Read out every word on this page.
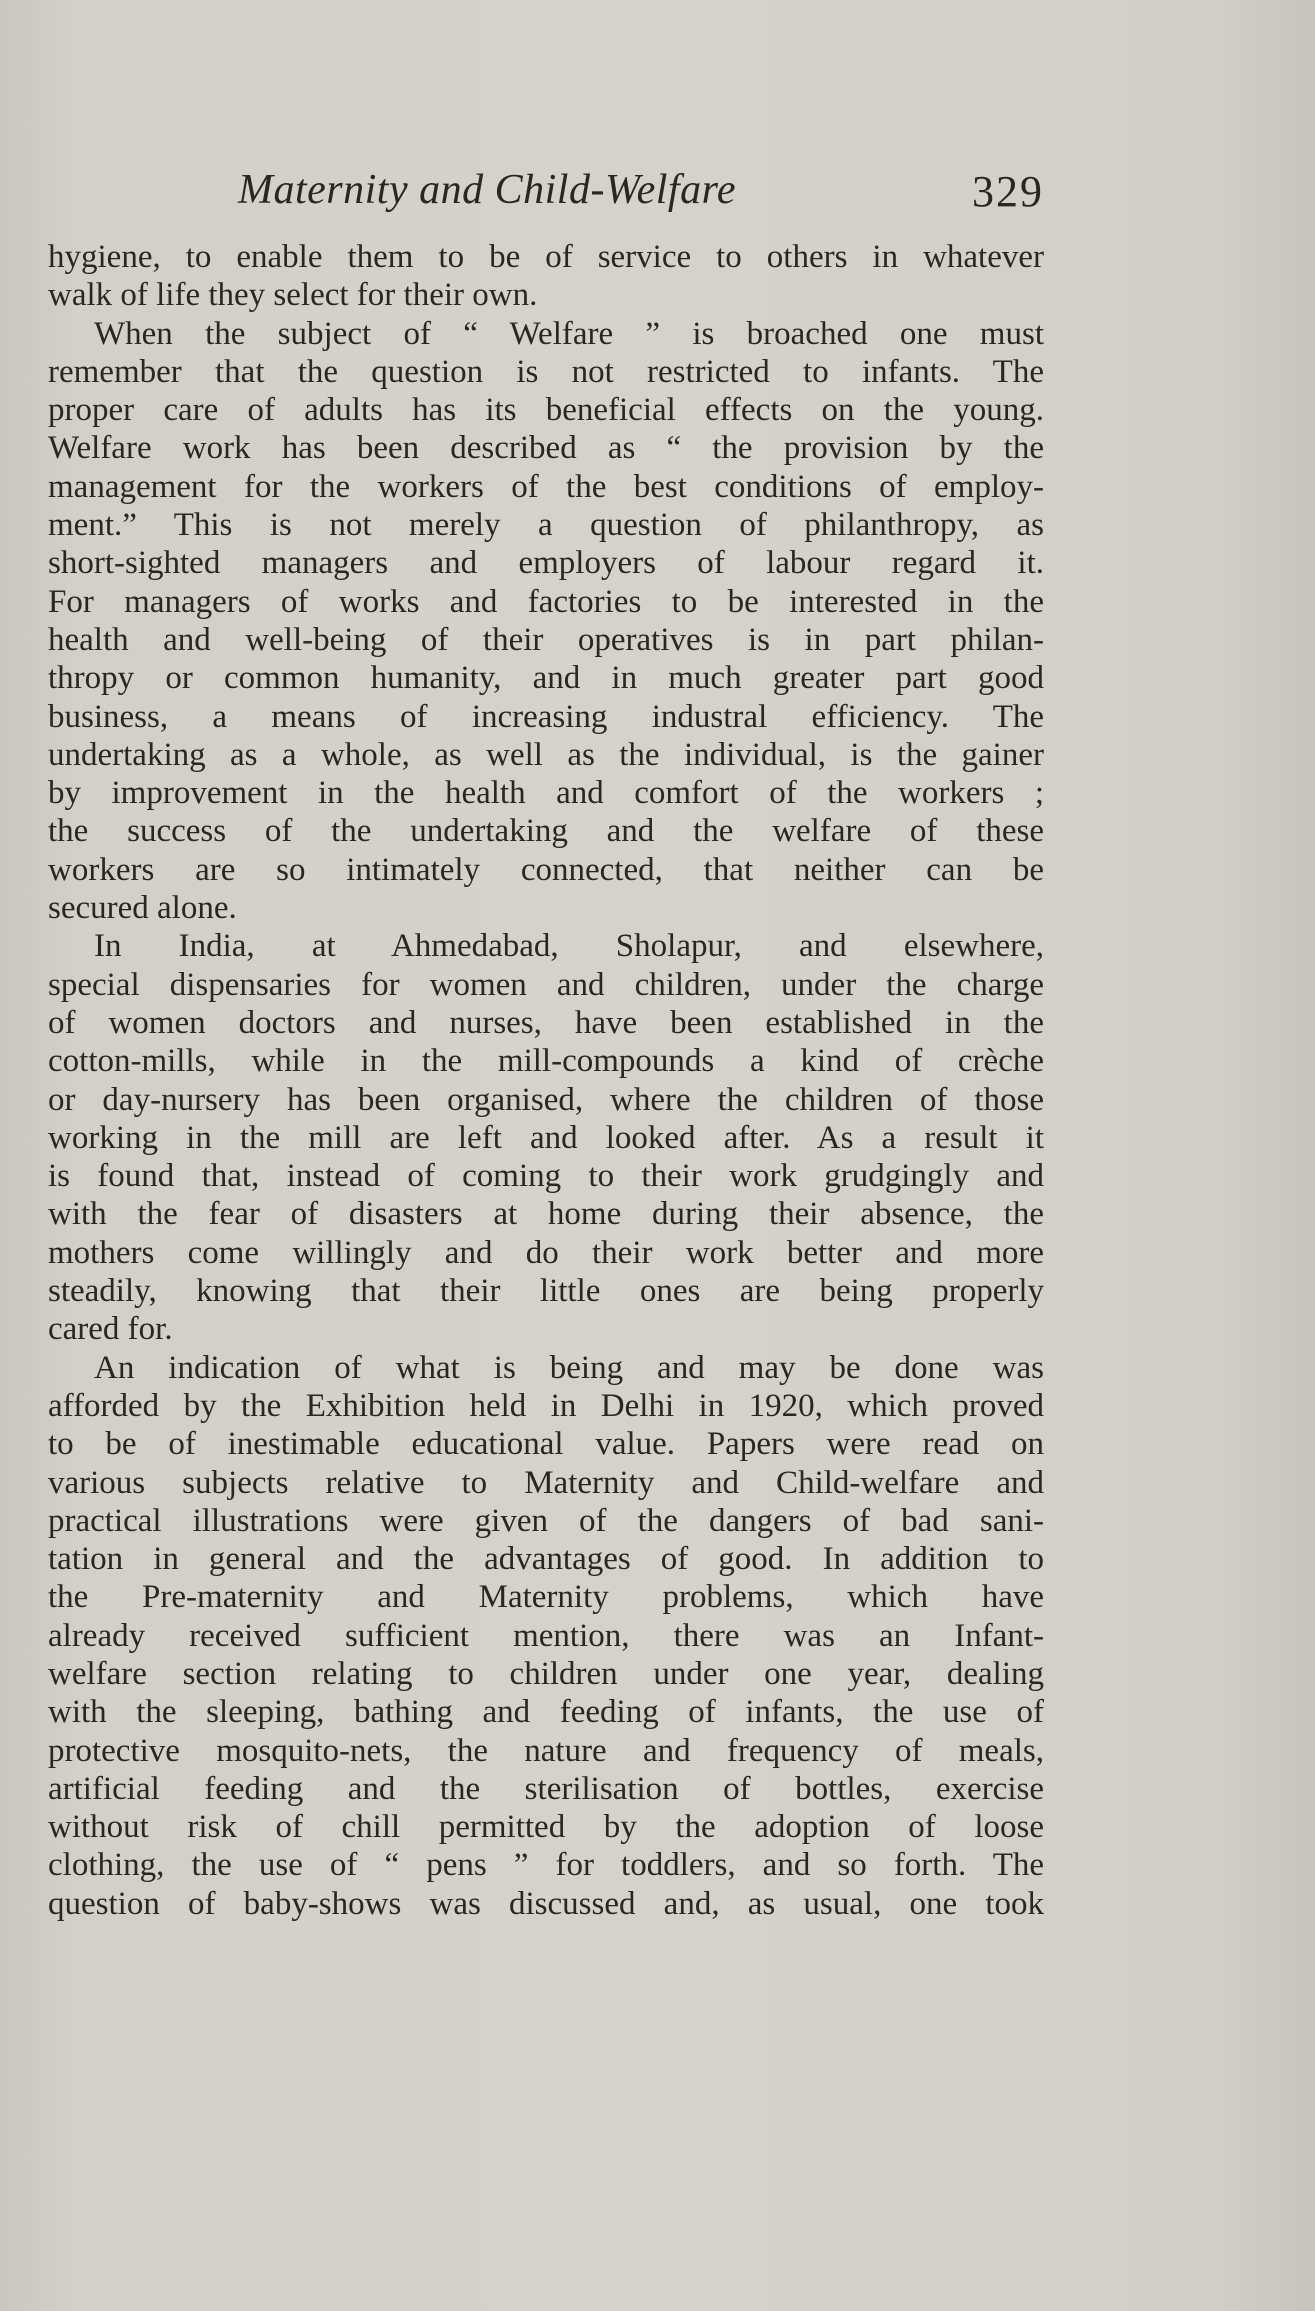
Maternity and Child-Welfare	329
hygiene, to enable them to be of service to others in whatever
walk of life they select for their own.
When the subject of “ Welfare ” is broached one must
remember that the question is not restricted to infants. The
proper care of adults has its beneficial effects on the young.
Welfare work has been described as “ the provision by the
management for the workers of the best conditions of employ-
ment.” This is not merely a question of philanthropy, as
short-sighted managers and employers of labour regard it.
For managers of works and factories to be interested in the
health and well-being of their operatives is in part philan-
thropy or common humanity, and in much greater part good
business, a means of increasing industral efficiency. The
undertaking as a whole, as well as the individual, is the gainer
by improvement in the health and comfort of the workers ;
the success of the undertaking and the welfare of these
workers are so intimately connected, that neither can be
secured alone.
In India, at Ahmedabad, Sholapur, and elsewhere,
special dispensaries for women and children, under the charge
of women doctors and nurses, have been established in the
cotton-mills, while in the mill-compounds a kind of crèche
or day-nursery has been organised, where the children of those
working in the mill are left and looked after. As a result it
is found that, instead of coming to their work grudgingly and
with the fear of disasters at home during their absence, the
mothers come willingly and do their work better and more
steadily, knowing that their little ones are being properly
cared for.
An indication of what is being and may be done was
afforded by the Exhibition held in Delhi in 1920, which proved
to be of inestimable educational value. Papers were read on
various subjects relative to Maternity and Child-welfare and
practical illustrations were given of the dangers of bad sani-
tation in general and the advantages of good. In addition to
the Pre-maternity and Maternity problems, which have
already received sufficient mention, there was an Infant-
welfare section relating to children under one year, dealing
with the sleeping, bathing and feeding of infants, the use of
protective mosquito-nets, the nature and frequency of meals,
artificial feeding and the sterilisation of bottles, exercise
without risk of chill permitted by the adoption of loose
clothing, the use of “ pens ” for toddlers, and so forth. The
question of baby-shows was discussed and, as usual, one took
